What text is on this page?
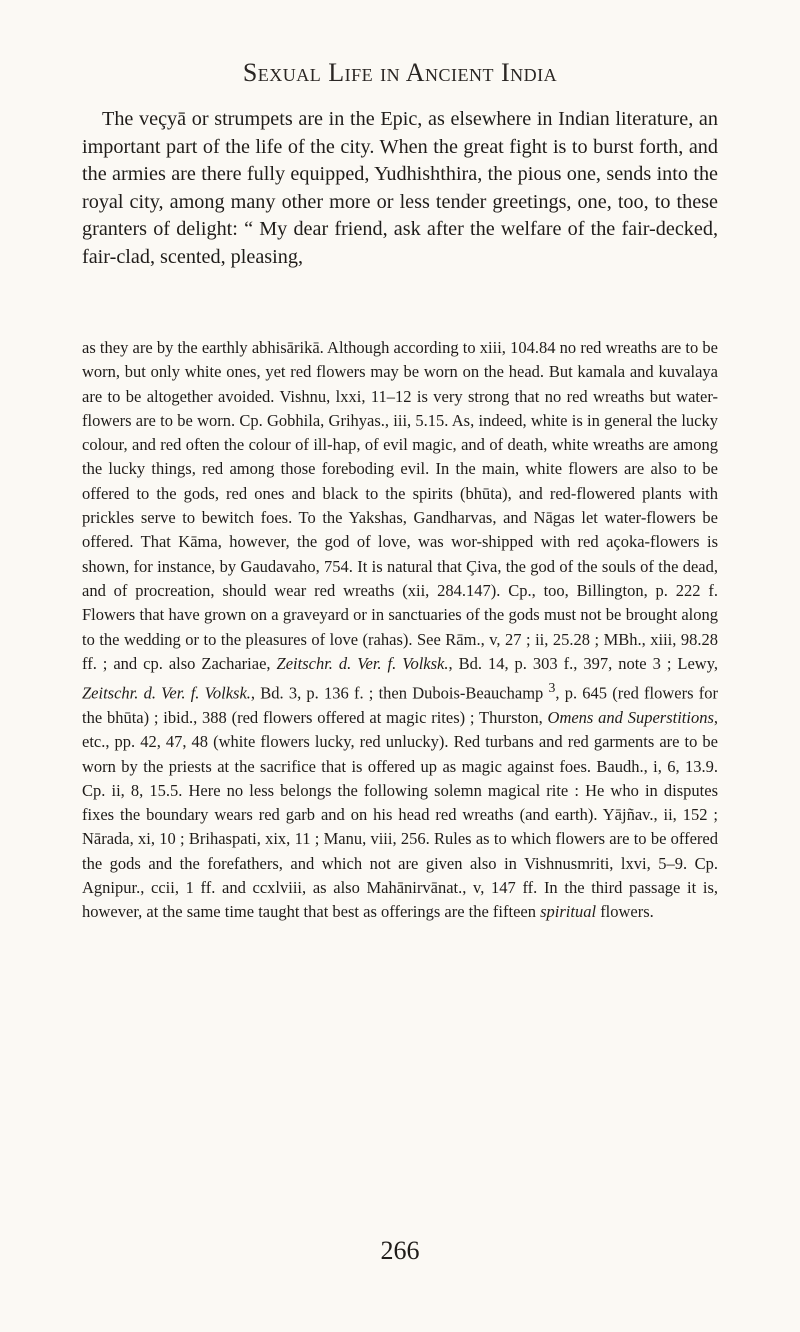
Sexual Life in Ancient India

The veçyā or strumpets are in the Epic, as elsewhere in Indian literature, an important part of the life of the city. When the great fight is to burst forth, and the armies are there fully equipped, Yudhishthira, the pious one, sends into the royal city, among many other more or less tender greetings, one, too, to these granters of delight: “ My dear friend, ask after the welfare of the fair-decked, fair-clad, scented, pleasing,

as they are by the earthly abhisārikā. Although according to xiii, 104.84 no red wreaths are to be worn, but only white ones, yet red flowers may be worn on the head. But kamala and kuvalaya are to be altogether avoided. Vishnu, lxxi, 11–12 is very strong that no red wreaths but water-flowers are to be worn. Cp. Gobhila, Grihyas., iii, 5.15. As, indeed, white is in general the lucky colour, and red often the colour of ill-hap, of evil magic, and of death, white wreaths are among the lucky things, red among those foreboding evil. In the main, white flowers are also to be offered to the gods, red ones and black to the spirits (bhūta), and red-flowered plants with prickles serve to bewitch foes. To the Yakshas, Gandharvas, and Nāgas let water-flowers be offered. That Kāma, however, the god of love, was wor-shipped with red açoka-flowers is shown, for instance, by Gaudavaho, 754. It is natural that Çiva, the god of the souls of the dead, and of procreation, should wear red wreaths (xii, 284.147). Cp., too, Billington, p. 222 f. Flowers that have grown on a graveyard or in sanctuaries of the gods must not be brought along to the wedding or to the pleasures of love (rahas). See Rām., v, 27 ; ii, 25.28 ; MBh., xiii, 98.28 ff. ; and cp. also Zachariae, Zeitschr. d. Ver. f. Volksk., Bd. 14, p. 303 f., 397, note 3 ; Lewy, Zeitschr. d. Ver. f. Volksk., Bd. 3, p. 136 f. ; then Dubois-Beauchamp $^3$, p. 645 (red flowers for the bhūta) ; ibid., 388 (red flowers offered at magic rites) ; Thurston, Omens and Superstitions, etc., pp. 42, 47, 48 (white flowers lucky, red unlucky). Red turbans and red garments are to be worn by the priests at the sacrifice that is offered up as magic against foes. Baudh., i, 6, 13.9. Cp. ii, 8, 15.5. Here no less belongs the following solemn magical rite : He who in disputes fixes the boundary wears red garb and on his head red wreaths (and earth). Yājñav., ii, 152 ; Nārada, xi, 10 ; Brihaspati, xix, 11 ; Manu, viii, 256. Rules as to which flowers are to be offered the gods and the forefathers, and which not are given also in Vishnusmriti, lxvi, 5–9. Cp. Agnipur., ccii, 1 ff. and ccxlviii, as also Mahānirvānat., v, 147 ff. In the third passage it is, however, at the same time taught that best as offerings are the fifteen spiritual flowers.

266
